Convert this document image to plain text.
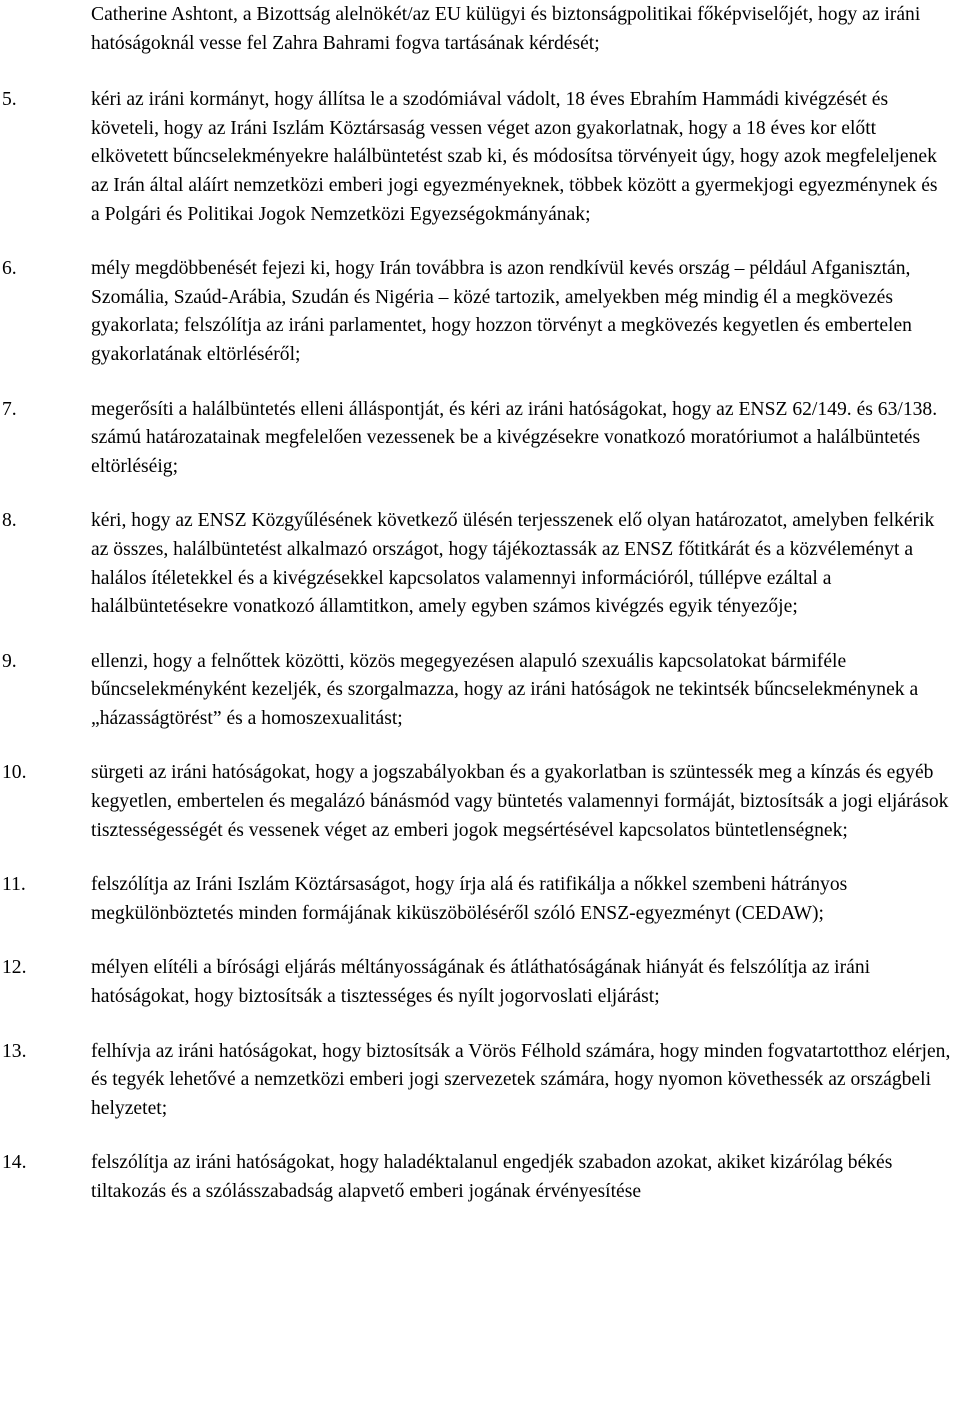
Catherine Ashtont, a Bizottság alelnökét/az EU külügyi és biztonságpolitikai főképviselőjét, hogy az iráni hatóságoknál vesse fel Zahra Bahrami fogva tartásának kérdését;

5.	kéri az iráni kormányt, hogy állítsa le a szodómiával vádolt, 18 éves Ebrahím Hammádi kivégzését és követeli, hogy az Iráni Iszlám Köztársaság vessen véget azon gyakorlatnak, hogy a 18 éves kor előtt elkövetett bűncselekményekre halálbüntetést szab ki, és módosítsa törvényeit úgy, hogy azok megfeleljenek az Irán által aláírt nemzetközi emberi jogi egyezményeknek, többek között a gyermekjogi egyezménynek és a Polgári és Politikai Jogok Nemzetközi Egyezségokmányának;
6.	mély megdöbbenését fejezi ki, hogy Irán továbbra is azon rendkívül kevés ország – például Afganisztán, Szomália, Szaúd-Arábia, Szudán és Nigéria – közé tartozik, amelyekben még mindig él a megkövezés gyakorlata; felszólítja az iráni parlamentet, hogy hozzon törvényt a megkövezés kegyetlen és embertelen gyakorlatának eltörléséről;
7.	megerősíti a halálbüntetés elleni álláspontját, és kéri az iráni hatóságokat, hogy az ENSZ 62/149. és 63/138. számú határozatainak megfelelően vezessenek be a kivégzésekre vonatkozó moratóriumot a halálbüntetés eltörléséig;
8.	kéri, hogy az ENSZ Közgyűlésének következő ülésén terjesszenek elő olyan határozatot, amelyben felkérik az összes, halálbüntetést alkalmazó országot, hogy tájékoztassák az ENSZ főtitkárát és a közvéleményt a halálos ítéletekkel és a kivégzésekkel kapcsolatos valamennyi információról, túllépve ezáltal a halálbüntetésekre vonatkozó államtitkon, amely egyben számos kivégzés egyik tényezője;
9.	ellenzi, hogy a felnőttek közötti, közös megegyezésen alapuló szexuális kapcsolatokat bármiféle bűncselekményként kezeljék, és szorgalmazza, hogy az iráni hatóságok ne tekintsék bűncselekménynek a „házasságtörést” és a homoszexualitást;
10.	sürgeti az iráni hatóságokat, hogy a jogszabályokban és a gyakorlatban is szüntessék meg a kínzás és egyéb kegyetlen, embertelen és megalázó bánásmód vagy büntetés valamennyi formáját, biztosítsák a jogi eljárások tisztességességét és vessenek véget az emberi jogok megsértésével kapcsolatos büntetlenségnek;
11.	felszólítja az Iráni Iszlám Köztársaságot, hogy írja alá és ratifikálja a nőkkel szembeni hátrányos megkülönböztetés minden formájának kiküszöböléséről szóló ENSZ-egyezményt (CEDAW);
12.	mélyen elítéli a bírósági eljárás méltányosságának és átláthatóságának hiányát és felszólítja az iráni hatóságokat, hogy biztosítsák a tisztességes és nyílt jogorvoslati eljárást;
13.	felhívja az iráni hatóságokat, hogy biztosítsák a Vörös Félhold számára, hogy minden fogvatartotthoz elérjen, és tegyék lehetővé a nemzetközi emberi jogi szervezetek számára, hogy nyomon követhessék az országbeli helyzetet;
14.	felszólítja az iráni hatóságokat, hogy haladéktalanul engedjék szabadon azokat, akiket kizárólag békés tiltakozás és a szólásszabadság alapvető emberi jogának érvényesítése
